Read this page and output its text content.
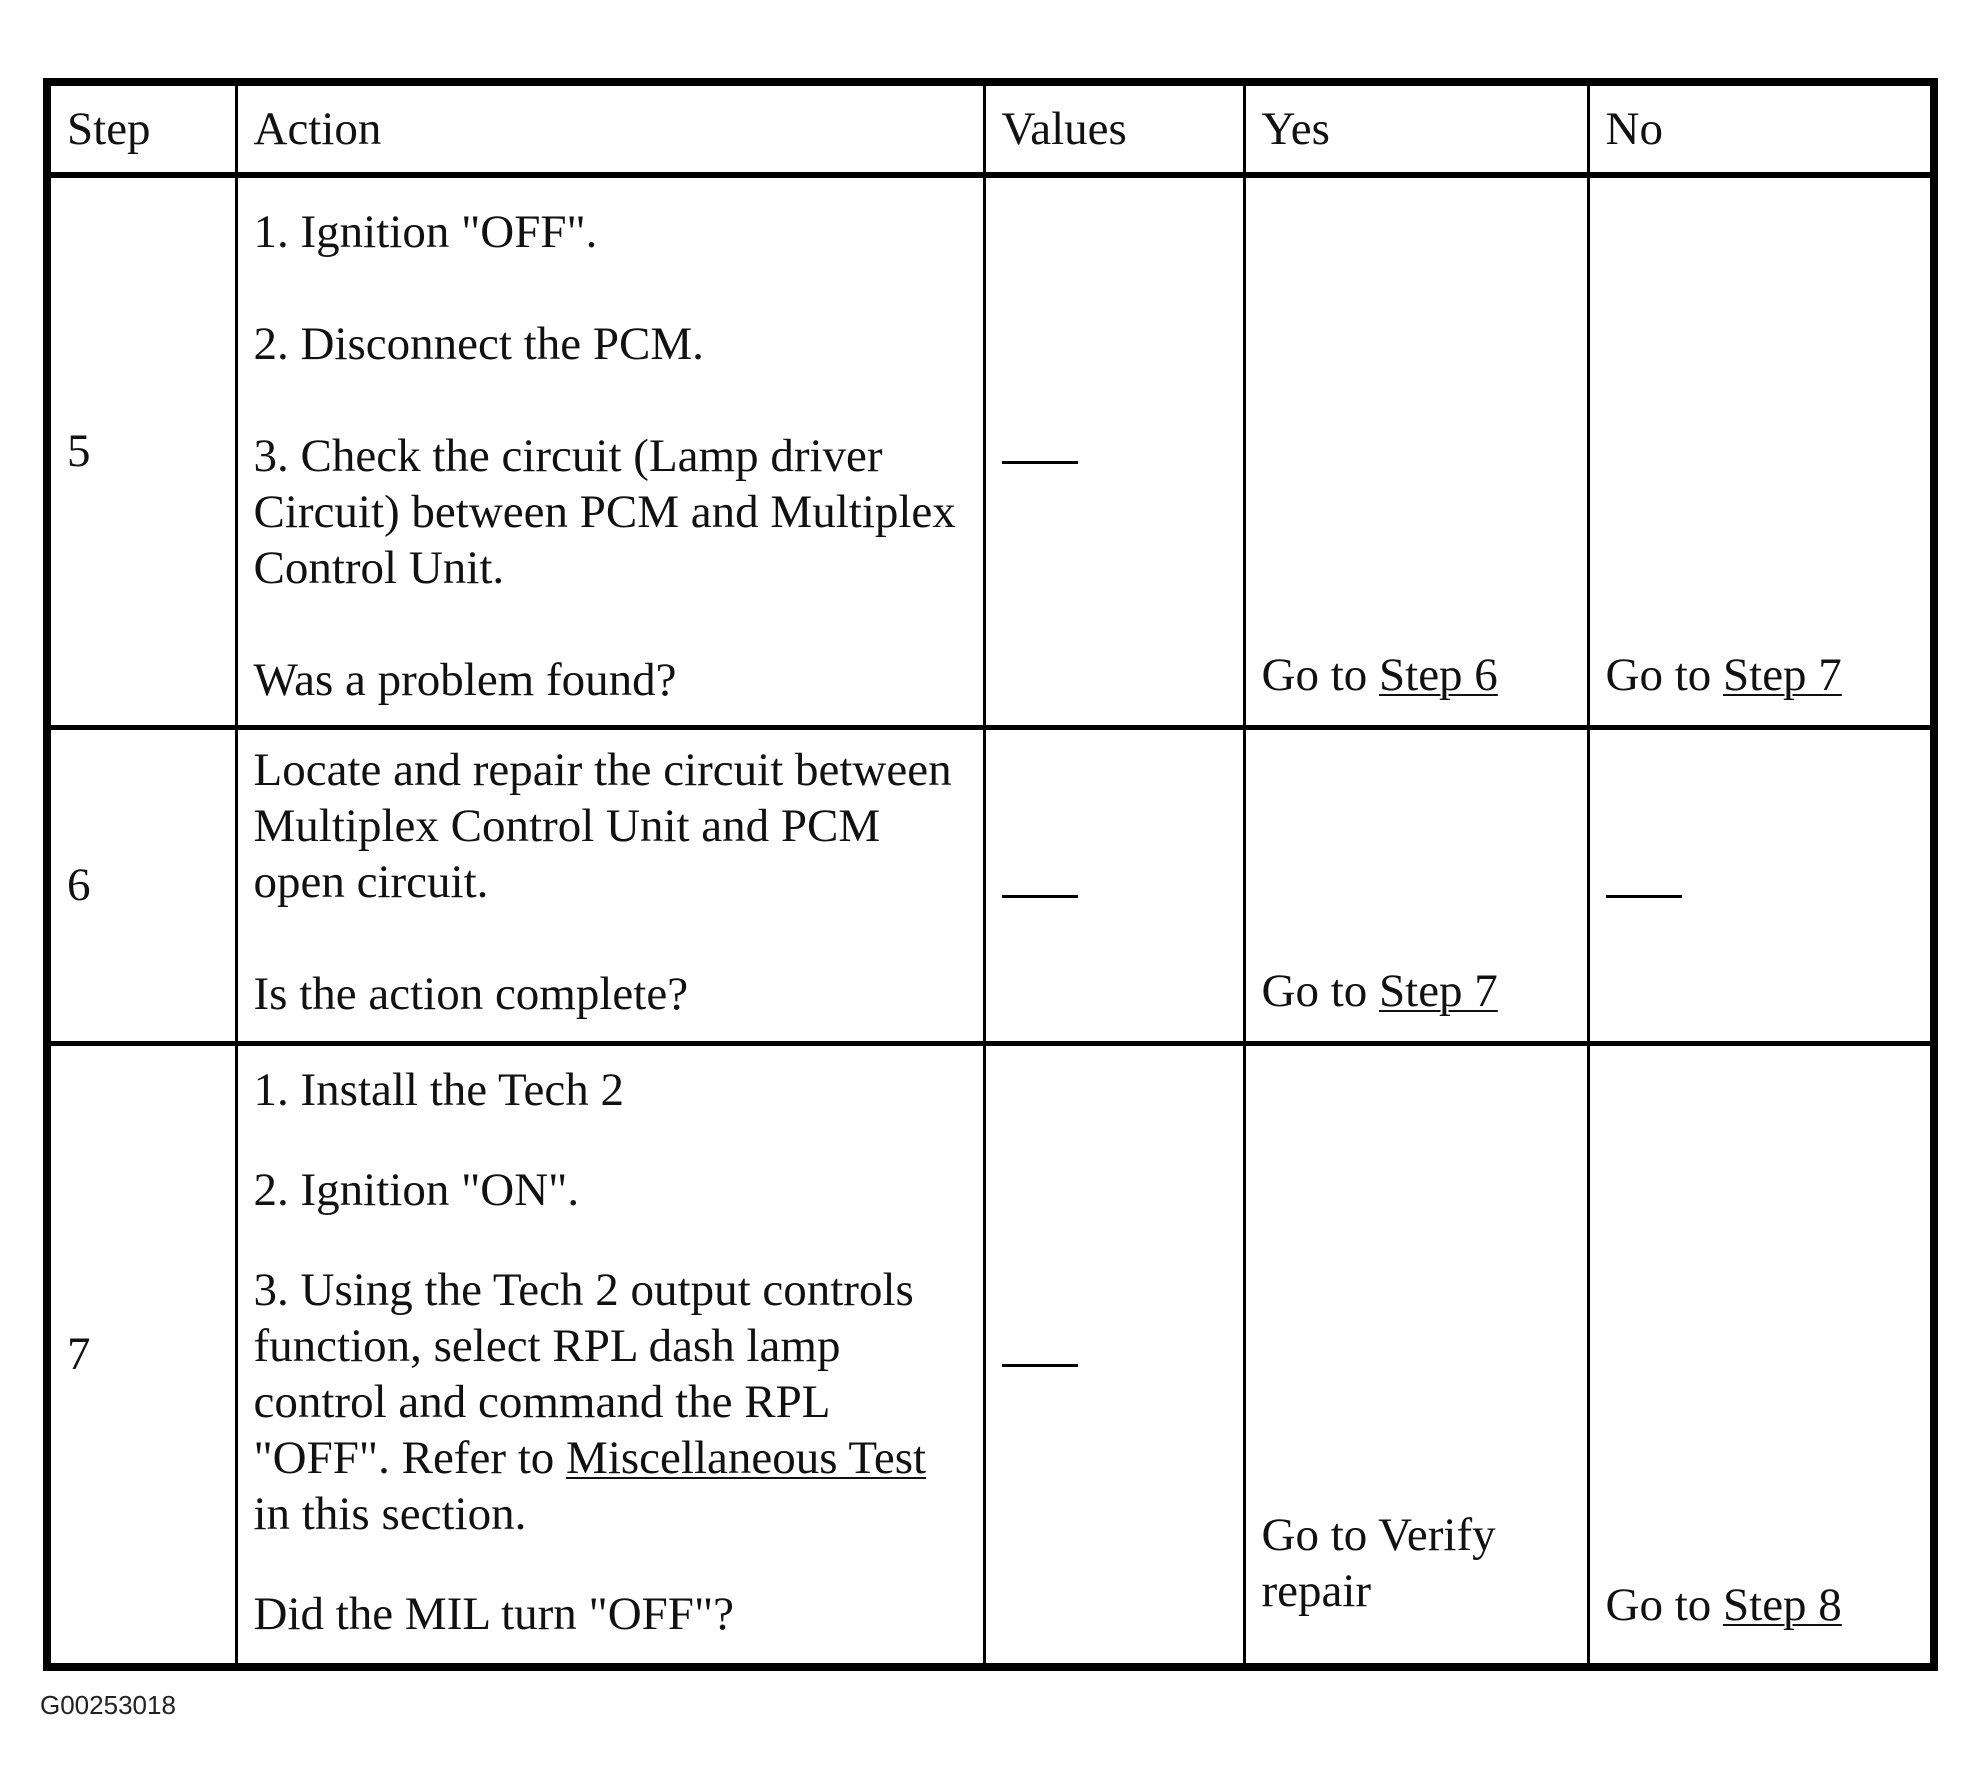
Step	Action	Values	Yes	No
5	1. Ignition "OFF".
2. Disconnect the PCM.
3. Check the circuit (Lamp driver Circuit) between PCM and Multiplex Control Unit.
Was a problem found?		Go to Step 6	Go to Step 7
6	Locate and repair the circuit between Multiplex Control Unit and PCM open circuit.
Is the action complete?		Go to Step 7	
7	1. Install the Tech 2
2. Ignition "ON".
3. Using the Tech 2 output controls function, select RPL dash lamp control and command the RPL "OFF". Refer to Miscellaneous Test in this section.
Did the MIL turn "OFF"?		Go to Verify repair	Go to Step 8
G00253018
